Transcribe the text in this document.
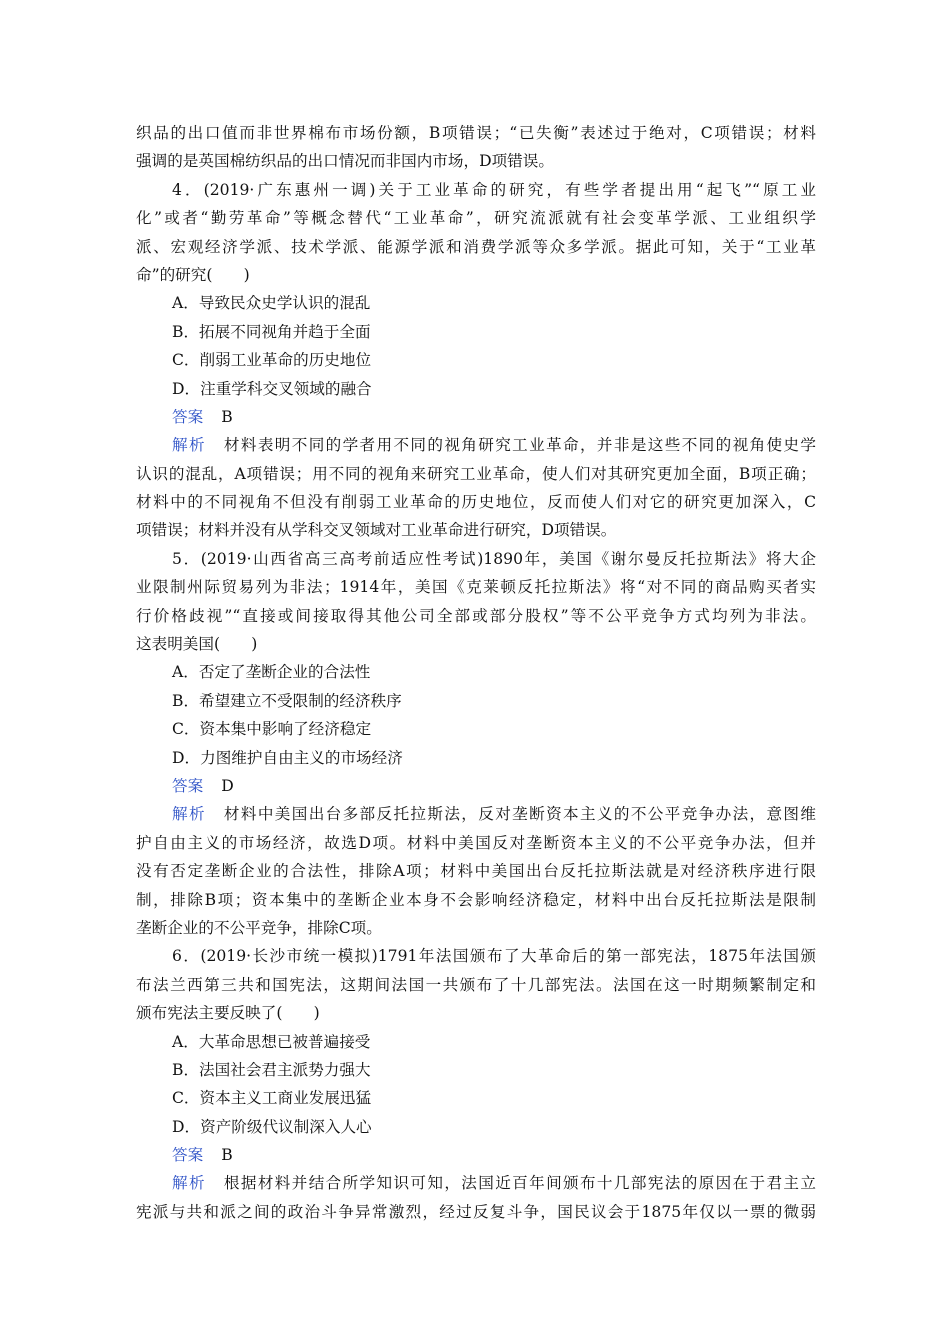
织品的出口值而非世界棉布市场份额，B项错误；“已失衡”表述过于绝对，C项错误；材料
强调的是英国棉纺织品的出口情况而非国内市场，D项错误。
4．(2019·广东惠州一调)关于工业革命的研究，有些学者提出用“起飞”“原工业
化”或者“勤劳革命”等概念替代“工业革命”，研究流派就有社会变革学派、工业组织学
派、宏观经济学派、技术学派、能源学派和消费学派等众多学派。据此可知，关于“工业革
命”的研究(　　)
A．导致民众史学认识的混乱
B．拓展不同视角并趋于全面
C．削弱工业革命的历史地位
D．注重学科交叉领域的融合
答案 B
解析 材料表明不同的学者用不同的视角研究工业革命，并非是这些不同的视角使史学
认识的混乱，A项错误；用不同的视角来研究工业革命，使人们对其研究更加全面，B项正确；
材料中的不同视角不但没有削弱工业革命的历史地位，反而使人们对它的研究更加深入，C
项错误；材料并没有从学科交叉领域对工业革命进行研究，D项错误。
5．(2019·山西省高三高考前适应性考试)1890年，美国《谢尔曼反托拉斯法》将大企
业限制州际贸易列为非法；1914年，美国《克莱顿反托拉斯法》将“对不同的商品购买者实
行价格歧视”“直接或间接取得其他公司全部或部分股权”等不公平竞争方式均列为非法。
这表明美国(　　)
A．否定了垄断企业的合法性
B．希望建立不受限制的经济秩序
C．资本集中影响了经济稳定
D．力图维护自由主义的市场经济
答案 D
解析 材料中美国出台多部反托拉斯法，反对垄断资本主义的不公平竞争办法，意图维
护自由主义的市场经济，故选D项。材料中美国反对垄断资本主义的不公平竞争办法，但并
没有否定垄断企业的合法性，排除A项；材料中美国出台反托拉斯法就是对经济秩序进行限
制，排除B项；资本集中的垄断企业本身不会影响经济稳定，材料中出台反托拉斯法是限制
垄断企业的不公平竞争，排除C项。
6．(2019·长沙市统一模拟)1791年法国颁布了大革命后的第一部宪法，1875年法国颁
布法兰西第三共和国宪法，这期间法国一共颁布了十几部宪法。法国在这一时期频繁制定和
颁布宪法主要反映了(　　)
A．大革命思想已被普遍接受
B．法国社会君主派势力强大
C．资本主义工商业发展迅猛
D．资产阶级代议制深入人心
答案 B
解析 根据材料并结合所学知识可知，法国近百年间颁布十几部宪法的原因在于君主立
宪派与共和派之间的政治斗争异常激烈，经过反复斗争，国民议会于1875年仅以一票的微弱
